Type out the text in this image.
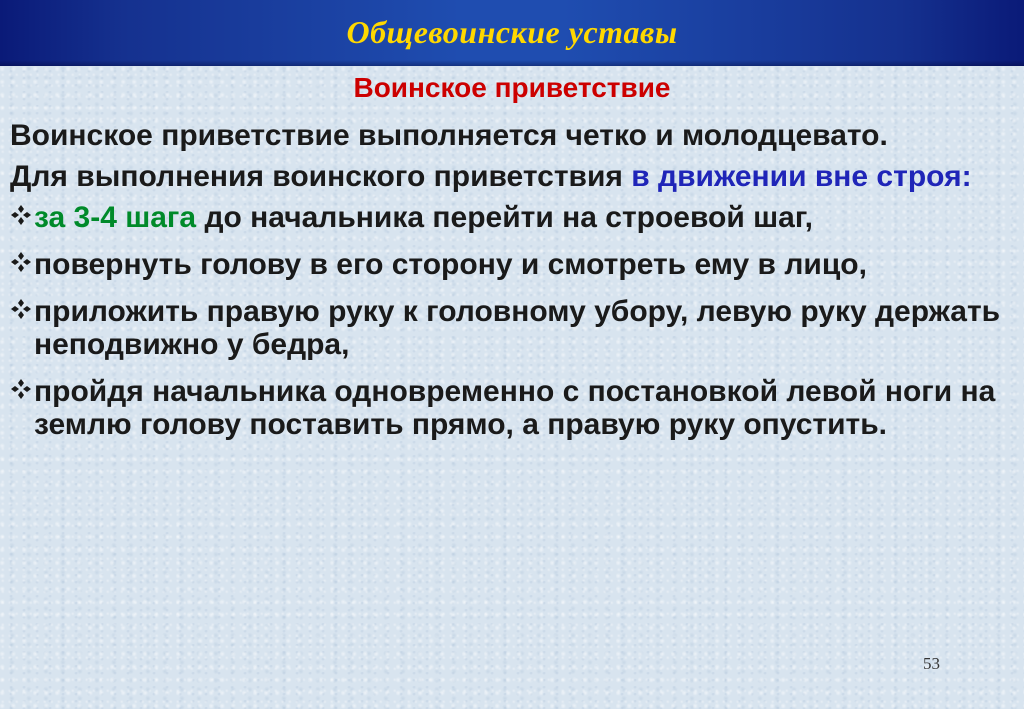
Общевоинские уставы
Воинское приветствие

Воинское приветствие выполняется четко и молодцевато.

Для выполнения воинского приветствия в движении вне строя:

за 3-4 шага до начальника перейти на строевой шаг,
повернуть голову в его сторону и смотреть ему в лицо,
приложить правую руку к головному убору, левую руку держать неподвижно у бедра,
пройдя начальника одновременно с постановкой левой ноги на землю голову поставить прямо, а правую руку опустить.
53
